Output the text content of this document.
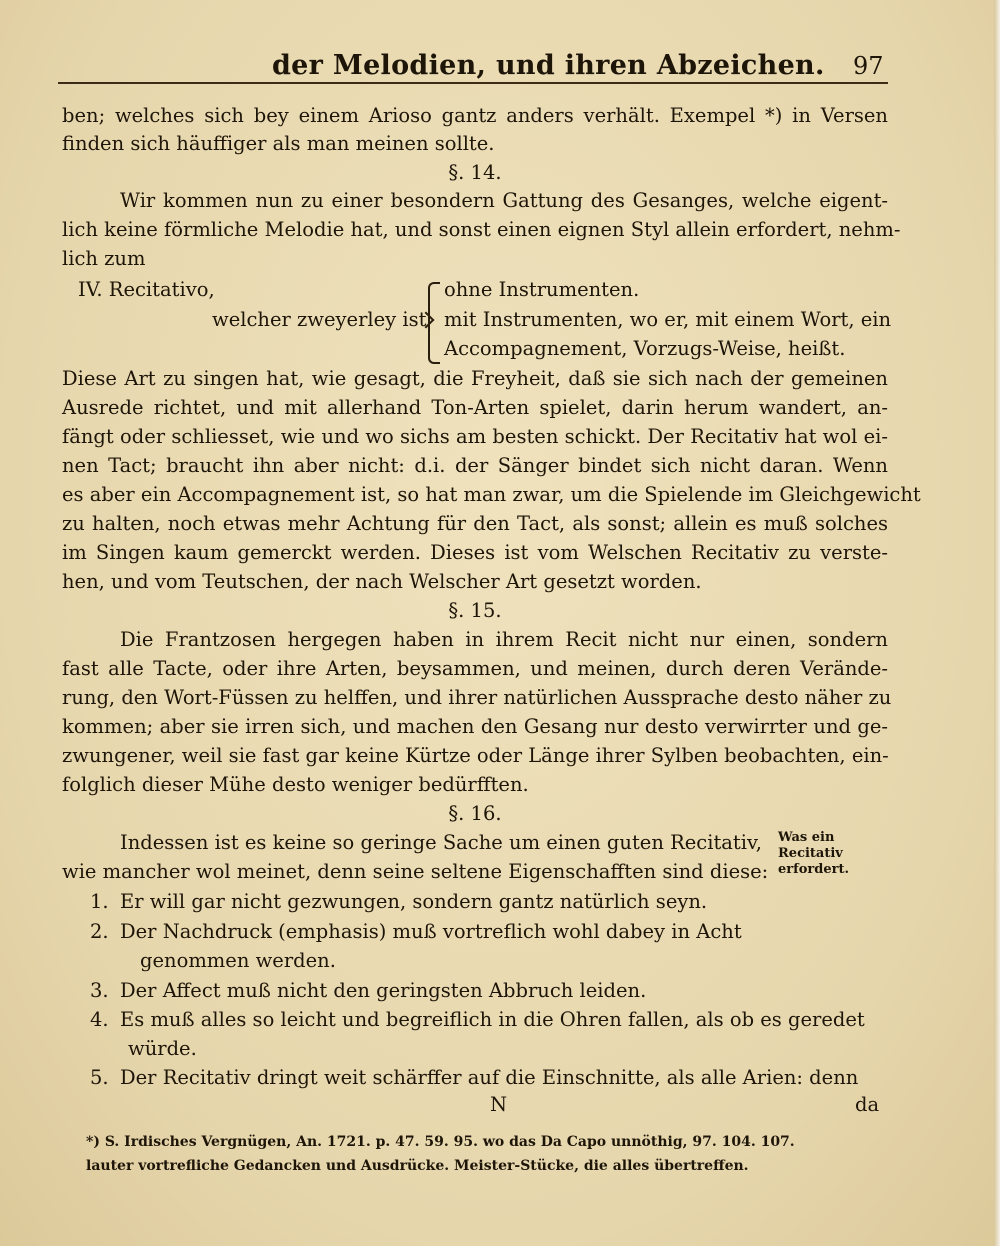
der Melodien, und ihren Abzeichen. 97
ben; welches sich bey einem Arioso gantz anders verhält. Exempel *) in Versen
finden sich häuffiger als man meinen sollte.
§. 14.
Wir kommen nun zu einer besondern Gattung des Gesanges, welche eigent-
lich keine förmliche Melodie hat, und sonst einen eignen Styl allein erfordert, nehm-
lich zum
IV. Recitativo,
welcher zweyerley ist
ohne Instrumenten.
mit Instrumenten, wo er, mit einem Wort, ein
Accompagnement, Vorzugs-Weise, heißt.
Diese Art zu singen hat, wie gesagt, die Freyheit, daß sie sich nach der gemeinen
Ausrede richtet, und mit allerhand Ton-Arten spielet, darin herum wandert, an-
fängt oder schliesset, wie und wo sichs am besten schickt. Der Recitativ hat wol ei-
nen Tact; braucht ihn aber nicht: d.i. der Sänger bindet sich nicht daran. Wenn
es aber ein Accompagnement ist, so hat man zwar, um die Spielende im Gleichgewicht
zu halten, noch etwas mehr Achtung für den Tact, als sonst; allein es muß solches
im Singen kaum gemerckt werden. Dieses ist vom Welschen Recitativ zu verste-
hen, und vom Teutschen, der nach Welscher Art gesetzt worden.
§. 15.
Die Frantzosen hergegen haben in ihrem Recit nicht nur einen, sondern
fast alle Tacte, oder ihre Arten, beysammen, und meinen, durch deren Verände-
rung, den Wort-Füssen zu helffen, und ihrer natürlichen Aussprache desto näher zu
kommen; aber sie irren sich, und machen den Gesang nur desto verwirrter und ge-
zwungener, weil sie fast gar keine Kürtze oder Länge ihrer Sylben beobachten, ein-
folglich dieser Mühe desto weniger bedürfften.
§. 16.
Indessen ist es keine so geringe Sache um einen guten Recitativ,
wie mancher wol meinet, denn seine seltene Eigenschafften sind diese:
Was ein Recitativ erfordert.
1. Er will gar nicht gezwungen, sondern gantz natürlich seyn.
2. Der Nachdruck (emphasis) muß vortreflich wohl dabey in Acht
genommen werden.
3. Der Affect muß nicht den geringsten Abbruch leiden.
4. Es muß alles so leicht und begreiflich in die Ohren fallen, als ob es geredet
würde.
5. Der Recitativ dringt weit schärffer auf die Einschnitte, als alle Arien: denn
N	da
*) S. Irdisches Vergnügen, An. 1721. p. 47. 59. 95. wo das Da Capo unnöthig, 97. 104. 107.
lauter vortrefliche Gedancken und Ausdrücke. Meister-Stücke, die alles übertreffen.
